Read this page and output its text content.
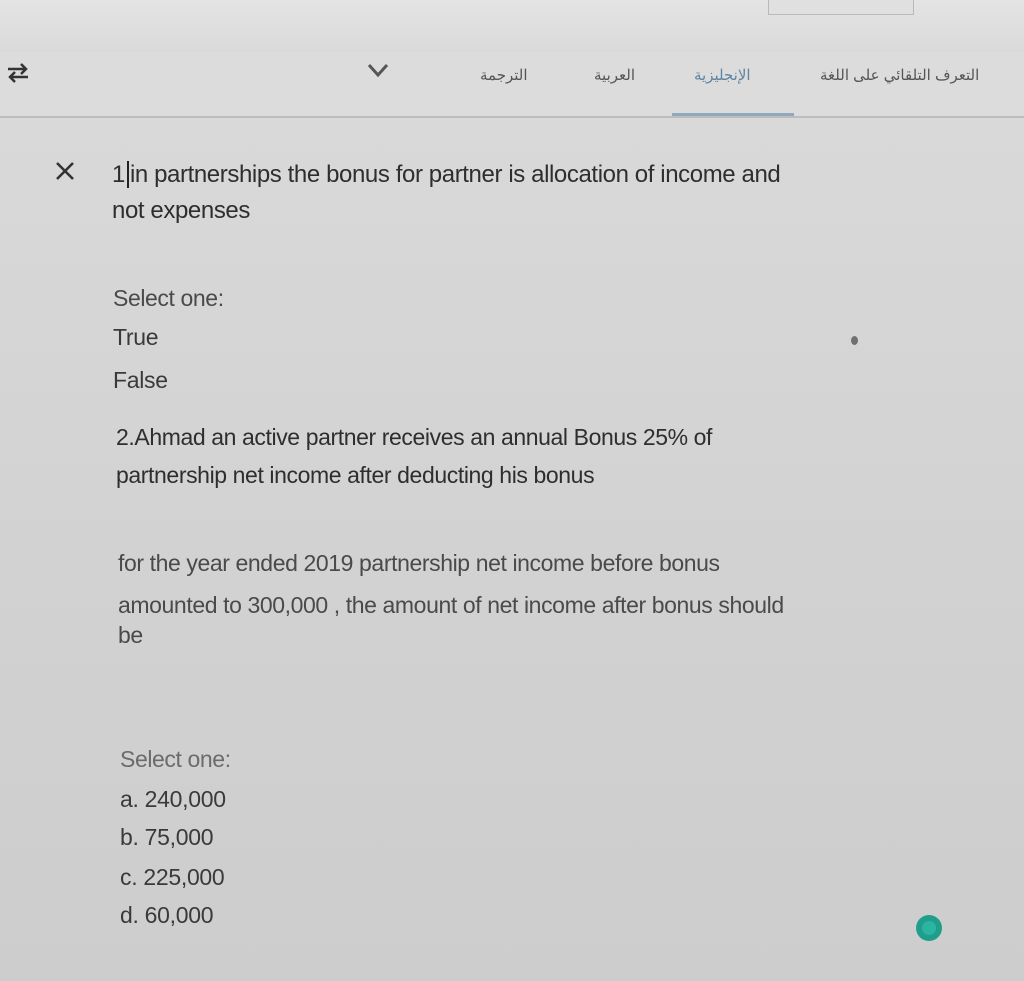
الترجمة	العربية	الإنجليزية	التعرف التلقائي على اللغة
1 in partnerships the bonus for partner is allocation of income and
not expenses
Select one:
True
False
2.Ahmad an active partner receives an annual Bonus 25% of
partnership net income after deducting his bonus
for the year ended 2019 partnership net income before bonus
amounted to 300,000 , the amount of net income after bonus should
be
Select one:
a. 240,000
b. 75,000
c. 225,000
d. 60,000
